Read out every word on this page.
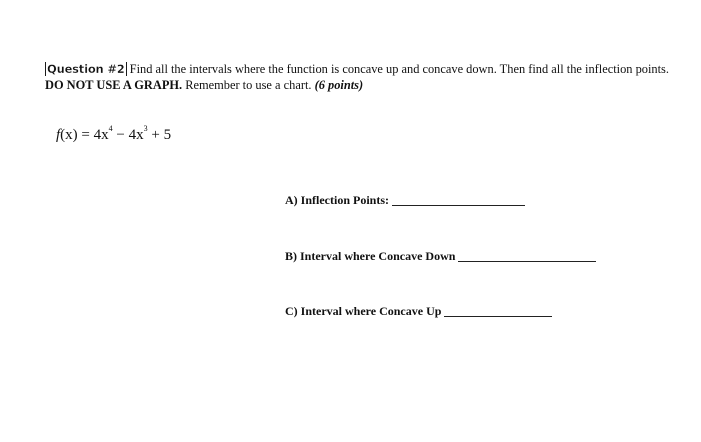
Question #2 Find all the intervals where the function is concave up and concave down. Then find all the inflection points. DO NOT USE A GRAPH. Remember to use a chart. (6 points)
$f(x) = 4x^4 - 4x^3 + 5$
A) Inflection Points:
B) Interval where Concave Down
C) Interval where Concave Up
